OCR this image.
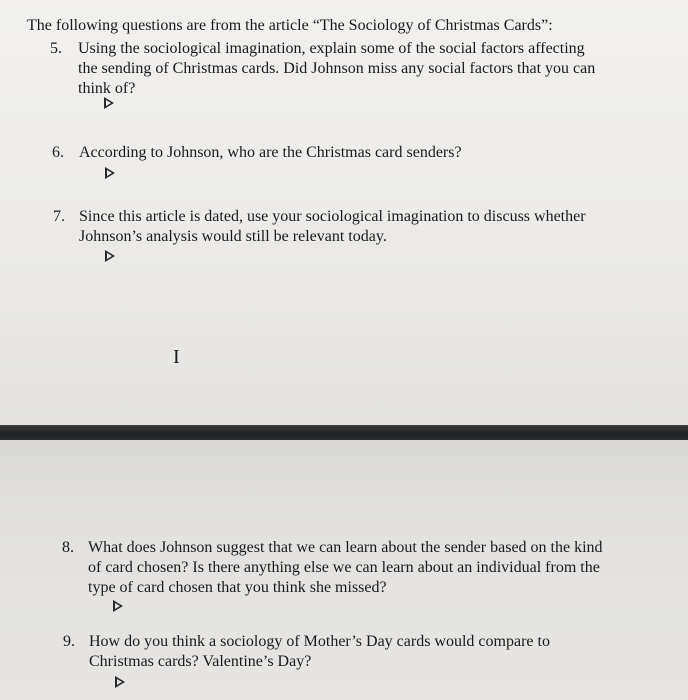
The following questions are from the article “The Sociology of Christmas Cards”:
5. Using the sociological imagination, explain some of the social factors affecting
the sending of Christmas cards. Did Johnson miss any social factors that you can
think of?
6. According to Johnson, who are the Christmas card senders?
7. Since this article is dated, use your sociological imagination to discuss whether
Johnson’s analysis would still be relevant today.
I
8. What does Johnson suggest that we can learn about the sender based on the kind
of card chosen? Is there anything else we can learn about an individual from the
type of card chosen that you think she missed?
9. How do you think a sociology of Mother’s Day cards would compare to
Christmas cards? Valentine’s Day?
